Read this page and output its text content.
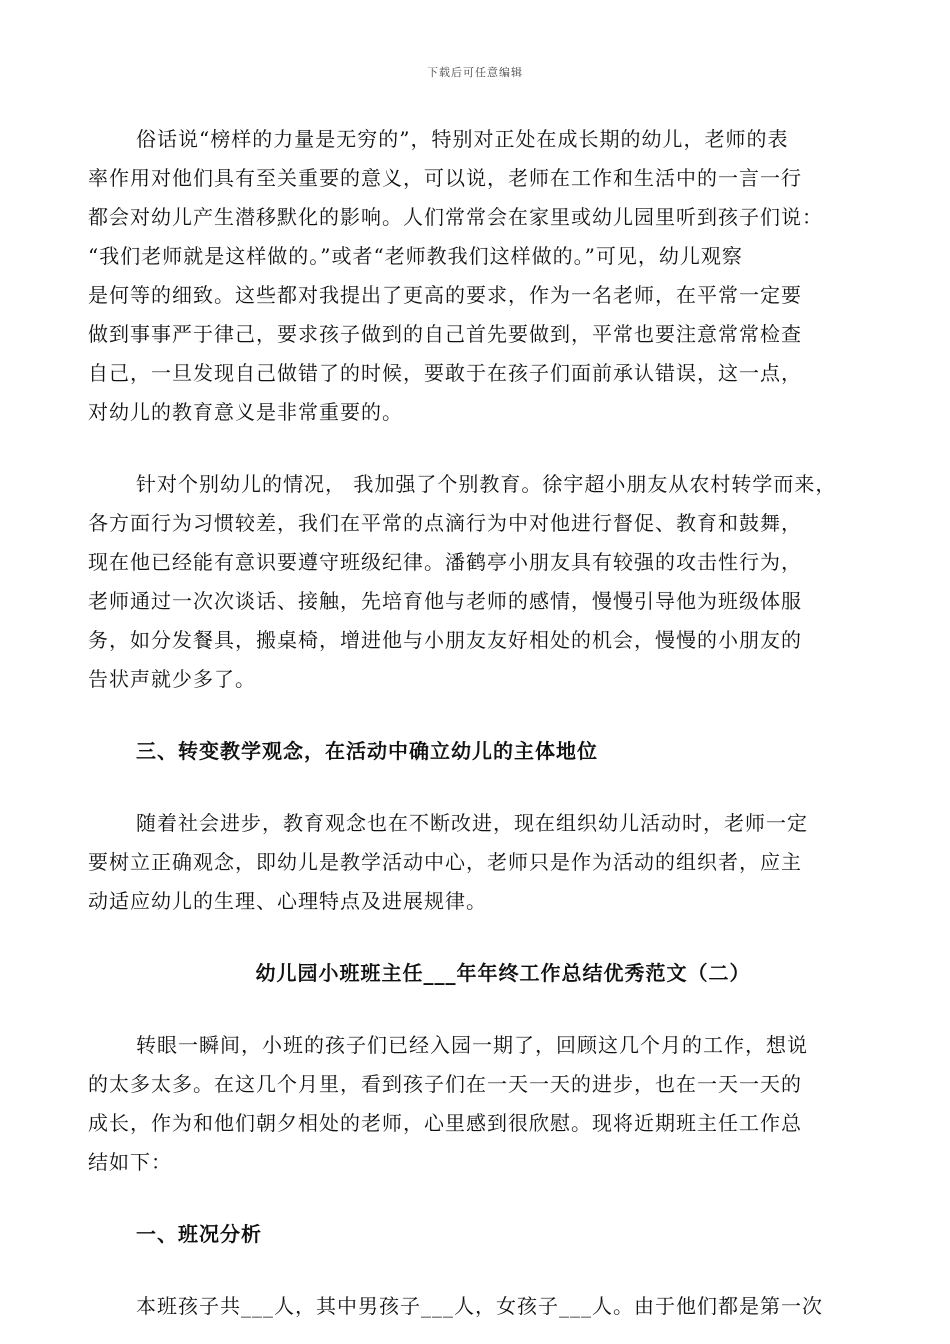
下载后可任意编辑
俗话说“榜样的力量是无穷的”，特别对正处在成长期的幼儿，老师的表
率作用对他们具有至关重要的意义，可以说，老师在工作和生活中的一言一行
都会对幼儿产生潜移默化的影响。人们常常会在家里或幼儿园里听到孩子们说：
“我们老师就是这样做的。”或者“老师教我们这样做的。”可见，幼儿观察
是何等的细致。这些都对我提出了更高的要求，作为一名老师，在平常一定要
做到事事严于律己，要求孩子做到的自己首先要做到，平常也要注意常常检查
自己，一旦发现自己做错了的时候，要敢于在孩子们面前承认错误，这一点，
对幼儿的教育意义是非常重要的。
针对个别幼儿的情况， 我加强了个别教育。徐宇超小朋友从农村转学而来，
各方面行为习惯较差，我们在平常的点滴行为中对他进行督促、教育和鼓舞，
现在他已经能有意识要遵守班级纪律。潘鹤亭小朋友具有较强的攻击性行为，
老师通过一次次谈话、接触，先培育他与老师的感情，慢慢引导他为班级体服
务，如分发餐具，搬桌椅，增进他与小朋友友好相处的机会，慢慢的小朋友的
告状声就少多了。
三、转变教学观念，在活动中确立幼儿的主体地位
随着社会进步，教育观念也在不断改进，现在组织幼儿活动时，老师一定
要树立正确观念，即幼儿是教学活动中心，老师只是作为活动的组织者，应主
动适应幼儿的生理、心理特点及进展规律。
幼儿园小班班主任___年年终工作总结优秀范文（二）
转眼一瞬间，小班的孩子们已经入园一期了，回顾这几个月的工作，想说
的太多太多。在这几个月里，看到孩子们在一天一天的进步，也在一天一天的
成长，作为和他们朝夕相处的老师，心里感到很欣慰。现将近期班主任工作总
结如下：
一、班况分析
本班孩子共___人，其中男孩子___人，女孩子___人。由于他们都是第一次
